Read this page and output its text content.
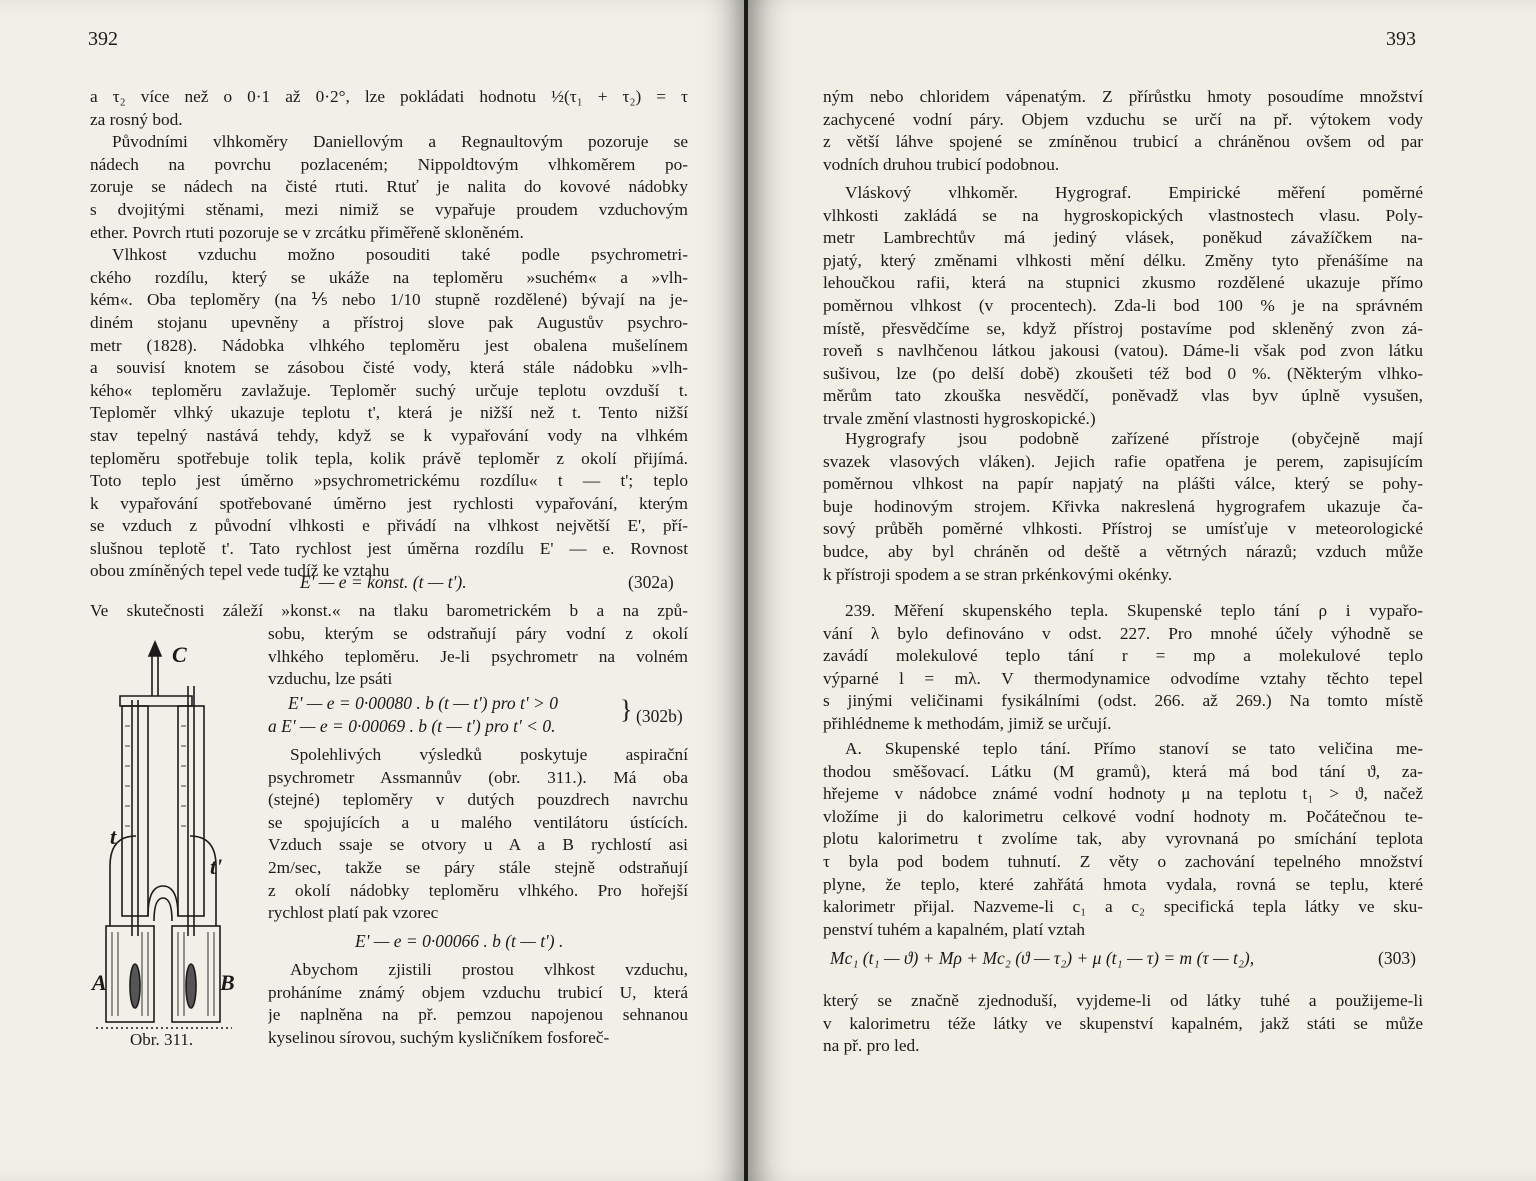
392
a τ₂ více než o 0·1 až 0·2°, lze pokládati hodnotu ½(τ₁ + τ₂) = τ
za rosný bod.
Původními vlhkoměry Daniellovým a Regnaultovým pozoruje se
nádech na povrchu pozlaceném; Nippoldtovým vlhkoměrem po-
zoruje se nádech na čisté rtuti. Rtuť je nalita do kovové nádobky
s dvojitými stěnami, mezi nimiž se vypařuje proudem vzduchovým
ether. Povrch rtuti pozoruje se v zrcátku přiměřeně skloněném.
Vlhkost vzduchu možno posouditi také podle psychrometri-
ckého rozdílu, který se ukáže na teploměru »suchém« a »vlh-
kém«. Oba teploměry (na ⅕ nebo 1/10 stupně rozdělené) bývají na je-
diném stojanu upevněny a přístroj slove pak Augustův psychro-
metr (1828). Nádobka vlhkého teploměru jest obalena mušelínem
a souvisí knotem se zásobou čisté vody, která stále nádobku »vlh-
kého« teploměru zavlažuje. Teploměr suchý určuje teplotu ovzduší t.
Teploměr vlhký ukazuje teplotu t', která je nižší než t. Tento nižší
stav tepelný nastává tehdy, když se k vypařování vody na vlhkém
teploměru spotřebuje tolik tepla, kolik právě teploměr z okolí přijímá.
Toto teplo jest úměrno »psychrometrickému rozdílu« t — t'; teplo
k vypařování spotřebované úměrno jest rychlosti vypařování, kterým
se vzduch z původní vlhkosti e přivádí na vlhkost největší E', pří-
slušnou teplotě t'. Tato rychlost jest úměrna rozdílu E' — e. Rovnost
obou zmíněných tepel vede tudíž ke vztahu
E' — e = konst. (t — t').	(302a)
Ve skutečnosti záleží »konst.« na tlaku barometrickém b a na způ-
sobu, kterým se odstraňují páry vodní z okolí
vlhkého teploměru. Je-li psychrometr na volném
vzduchu, lze psáti
E' — e = 0·00080 . b (t — t') pro t' > 0
a E' — e = 0·00069 . b (t — t') pro t' < 0.
} (302b)
Spolehlivých výsledků poskytuje aspirační
psychrometr Assmannův (obr. 311.). Má oba
(stejné) teploměry v dutých pouzdrech navrchu
se spojujících a u malého ventilátoru ústících.
Vzduch ssaje se otvory u A a B rychlostí asi
2m/sec, takže se páry stále stejně odstraňují
z okolí nádobky teploměru vlhkého. Pro hořejší
rychlost platí pak vzorec
E' — e = 0·00066 . b (t — t') .
Abychom zjistili prostou vlhkost vzduchu,
proháníme známý objem vzduchu trubicí U, která
je naplněna na př. pemzou napojenou sehnanou
kyselinou sírovou, suchým kysličníkem fosforeč-
C
t
t'
A	B
Obr. 311.
393
ným nebo chloridem vápenatým. Z přírůstku hmoty posoudíme množství
zachycené vodní páry. Objem vzduchu se určí na př. výtokem vody
z větší láhve spojené se zmíněnou trubicí a chráněnou ovšem od par
vodních druhou trubicí podobnou.
Vláskový vlhkoměr. Hygrograf. Empirické měření poměrné
vlhkosti zakládá se na hygroskopických vlastnostech vlasu. Poly-
metr Lambrechtův má jediný vlásek, poněkud závažíčkem na-
pjatý, který změnami vlhkosti mění délku. Změny tyto přenášíme na
lehoučkou rafii, která na stupnici zkusmo rozdělené ukazuje přímo
poměrnou vlhkost (v procentech). Zda-li bod 100 % je na správném
místě, přesvědčíme se, když přístroj postavíme pod skleněný zvon zá-
roveň s navlhčenou látkou jakousi (vatou). Dáme-li však pod zvon látku
sušivou, lze (po delší době) zkoušeti též bod 0 %. (Některým vlhko-
měrům tato zkouška nesvědčí, poněvadž vlas byv úplně vysušen,
trvale změní vlastnosti hygroskopické.)
Hygrografy jsou podobně zařízené přístroje (obyčejně mají
svazek vlasových vláken). Jejich rafie opatřena je perem, zapisujícím
poměrnou vlhkost na papír napjatý na plášti válce, který se pohy-
buje hodinovým strojem. Křivka nakreslená hygrografem ukazuje ča-
sový průběh poměrné vlhkosti. Přístroj se umísťuje v meteorologické
budce, aby byl chráněn od deště a větrných nárazů; vzduch může
k přístroji spodem a se stran prkénkovými okénky.
239. Měření skupenského tepla. Skupenské teplo tání ρ i vypařo-
vání λ bylo definováno v odst. 227. Pro mnohé účely výhodně se
zavádí molekulové teplo tání r = mρ a molekulové teplo
výparné l = mλ. V thermodynamice odvodíme vztahy těchto tepel
s jinými veličinami fysikálními (odst. 266. až 269.) Na tomto místě
přihlédneme k methodám, jimiž se určují.
A. Skupenské teplo tání. Přímo stanoví se tato veličina me-
thodou směšovací. Látku (M gramů), která má bod tání ϑ, za-
hřejeme v nádobce známé vodní hodnoty μ na teplotu t₁ > ϑ, načež
vložíme ji do kalorimetru celkové vodní hodnoty m. Počátečnou te-
plotu kalorimetru t zvolíme tak, aby vyrovnaná po smíchání teplota
τ byla pod bodem tuhnutí. Z věty o zachování tepelného množství
plyne, že teplo, které zahřátá hmota vydala, rovná se teplu, které
kalorimetr přijal. Nazveme-li c₁ a c₂ specifická tepla látky ve sku-
penství tuhém a kapalném, platí vztah
Mc₁ (t₁ — ϑ) + Mρ + Mc₂ (ϑ — τ₂) + μ (t₁ — τ) = m (τ — t₂),	(303)
který se značně zjednoduší, vyjdeme-li od látky tuhé a použijeme-li
v kalorimetru téže látky ve skupenství kapalném, jakž státi se může
na př. pro led.
